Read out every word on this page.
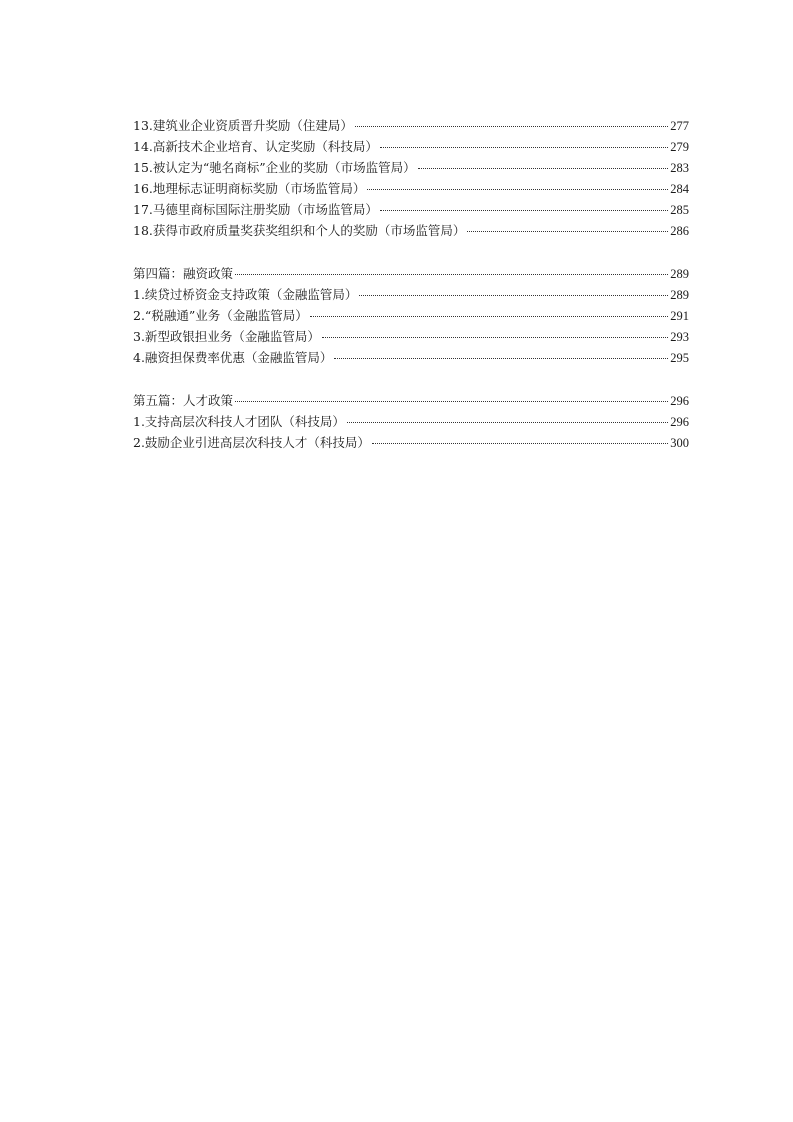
13.建筑业企业资质晋升奖励（住建局）	277
14.高新技术企业培育、认定奖励（科技局）	279
15.被认定为“驰名商标”企业的奖励（市场监管局）	283
16.地理标志证明商标奖励（市场监管局）	284
17.马德里商标国际注册奖励（市场监管局）	285
18.获得市政府质量奖获奖组织和个人的奖励（市场监管局）	286
第四篇：融资政策	289
1.续贷过桥资金支持政策（金融监管局）	289
2.“税融通”业务（金融监管局）	291
3.新型政银担业务（金融监管局）	293
4.融资担保费率优惠（金融监管局）	295
第五篇：人才政策	296
1.支持高层次科技人才团队（科技局）	296
2.鼓励企业引进高层次科技人才（科技局）	300
